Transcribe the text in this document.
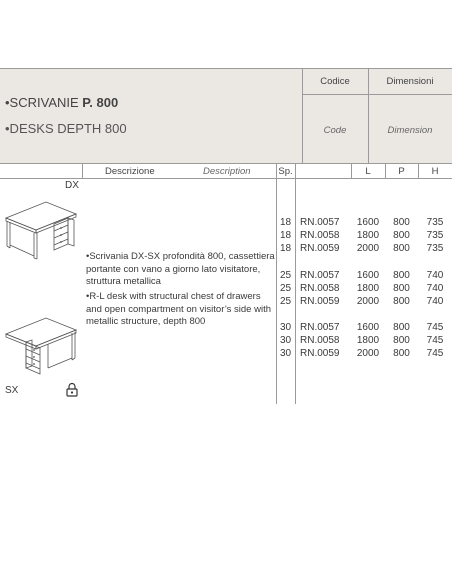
•SCRIVANIE P. 800
•DESKS DEPTH 800
Codice
Code
Dimensioni
Dimension
Descrizione	Description	Sp.	L	P	H
DX
SX
•Scrivania DX-SX profondità 800, cassettiera portante con vano a giorno lato visitatore, struttura metallica
•R-L desk with structural chest of drawers and open compartment on visitor’s side with metallic structure, depth 800
18 RN.0057	1600	800	735
18 RN.0058	1800	800	735
18 RN.0059	2000	800	735
25 RN.0057	1600	800	740
25 RN.0058	1800	800	740
25 RN.0059	2000	800	740
30 RN.0057	1600	800	745
30 RN.0058	1800	800	745
30 RN.0059	2000	800	745
